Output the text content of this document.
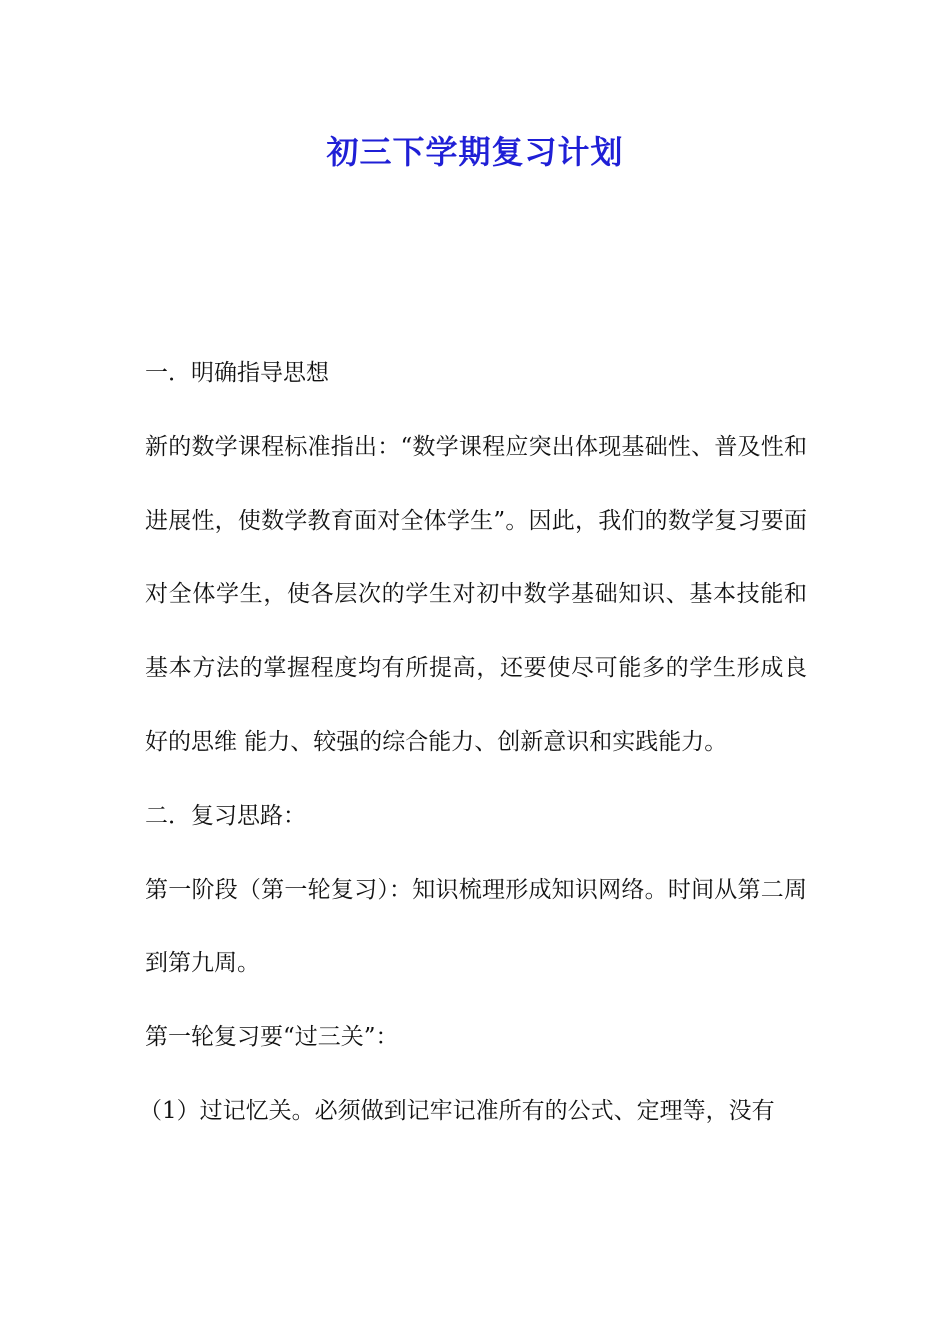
初三下学期复习计划

一．明确指导思想

新的数学课程标准指出：“数学课程应突出体现基础性、普及性和进展性，使数学教育面对全体学生”。因此，我们的数学复习要面对全体学生，使各层次的学生对初中数学基础知识、基本技能和基本方法的掌握程度均有所提高，还要使尽可能多的学生形成良好的思维 能力、较强的综合能力、创新意识和实践能力。

二．复习思路：

第一阶段（第一轮复习）：知识梳理形成知识网络。时间从第二周到第九周。

第一轮复习要“过三关”：

（1）过记忆关。必须做到记牢记准所有的公式、定理等，没有
